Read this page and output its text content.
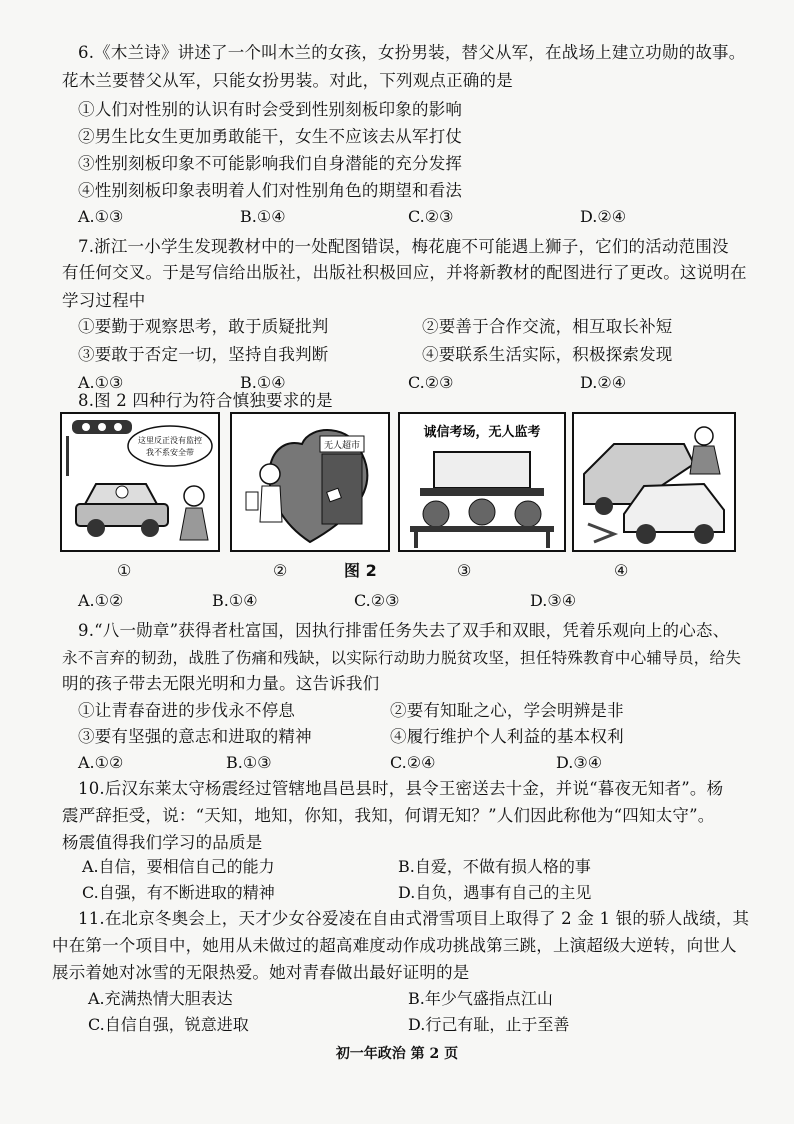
6.《木兰诗》讲述了一个叫木兰的女孩，女扮男装，替父从军，在战场上建立功勋的故事。
花木兰要替父从军，只能女扮男装。对此，下列观点正确的是
①人们对性别的认识有时会受到性别刻板印象的影响
②男生比女生更加勇敢能干，女生不应该去从军打仗
③性别刻板印象不可能影响我们自身潜能的充分发挥
④性别刻板印象表明着人们对性别角色的期望和看法
A.①③	B.①④	C.②③	D.②④
7.浙江一小学生发现教材中的一处配图错误，梅花鹿不可能遇上狮子，它们的活动范围没
有任何交叉。于是写信给出版社，出版社积极回应，并将新教材的配图进行了更改。这说明在
学习过程中
①要勤于观察思考，敢于质疑批判	②要善于合作交流，相互取长补短
③要敢于否定一切，坚持自我判断	④要联系生活实际，积极探索发现
这里反正没有监控
我不系安全带
无人超市
诚信考场，无人监考
①	②	图 2	③	④
A.①②	B.①④	C.②③	D.③④
9.“八一勋章”获得者杜富国，因执行排雷任务失去了双手和双眼，凭着乐观向上的心态、
永不言弃的韧劲，战胜了伤痛和残缺，以实际行动助力脱贫攻坚，担任特殊教育中心辅导员，给失
明的孩子带去无限光明和力量。这告诉我们
①让青春奋进的步伐永不停息	②要有知耻之心，学会明辨是非
③要有坚强的意志和进取的精神	④履行维护个人利益的基本权利
A.①②	B.①③	C.②④	D.③④
10.后汉东莱太守杨震经过管辖地昌邑县时，县令王密送去十金，并说“暮夜无知者”。杨
震严辞拒受，说：“天知，地知，你知，我知，何谓无知？”人们因此称他为“四知太守”。
杨震值得我们学习的品质是
A.自信，要相信自己的能力	B.自爱，不做有损人格的事
C.自强，有不断进取的精神	D.自负，遇事有自己的主见
11.在北京冬奥会上，天才少女谷爱凌在自由式滑雪项目上取得了 2 金 1 银的骄人战绩，其
中在第一个项目中，她用从未做过的超高难度动作成功挑战第三跳，上演超级大逆转，向世人
展示着她对冰雪的无限热爱。她对青春做出最好证明的是
A.充满热情大胆表达	B.年少气盛指点江山
C.自信自强，锐意进取	D.行己有耻，止于至善
初一年政治 第 2 页
A.①③	B.①④	C.②③	D.②④
8.图 2 四种行为符合慎独要求的是
